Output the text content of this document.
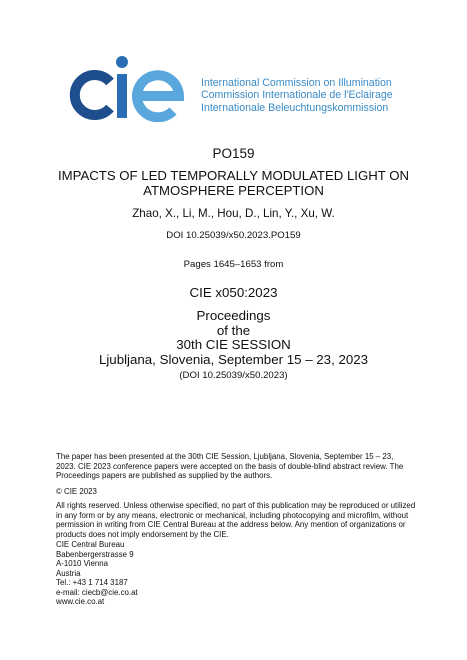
International Commission on Illumination
Commission Internationale de l'Eclairage
Internationale Beleuchtungskommission
PO159
IMPACTS OF LED TEMPORALLY MODULATED LIGHT ON
ATMOSPHERE PERCEPTION
Zhao, X., Li, M., Hou, D., Lin, Y., Xu, W.
DOI 10.25039/x50.2023.PO159
Pages 1645–1653 from
CIE x050:2023
Proceedings
of the
30th CIE SESSION
Ljubljana, Slovenia, September 15 – 23, 2023
(DOI 10.25039/x50.2023)
The paper has been presented at the 30th CIE Session, Ljubljana, Slovenia, September 15 – 23,
2023. CIE 2023 conference papers were accepted on the basis of double-blind abstract review. The
Proceedings papers are published as supplied by the authors.
© CIE 2023
All rights reserved. Unless otherwise specified, no part of this publication may be reproduced or utilized
in any form or by any means, electronic or mechanical, including photocopying and microfilm, without
permission in writing from CIE Central Bureau at the address below. Any mention of organizations or
products does not imply endorsement by the CIE.
CIE Central Bureau
Babenbergerstrasse 9
A-1010 Vienna
Austria
Tel.: +43 1 714 3187
e-mail: ciecb@cie.co.at
www.cie.co.at
